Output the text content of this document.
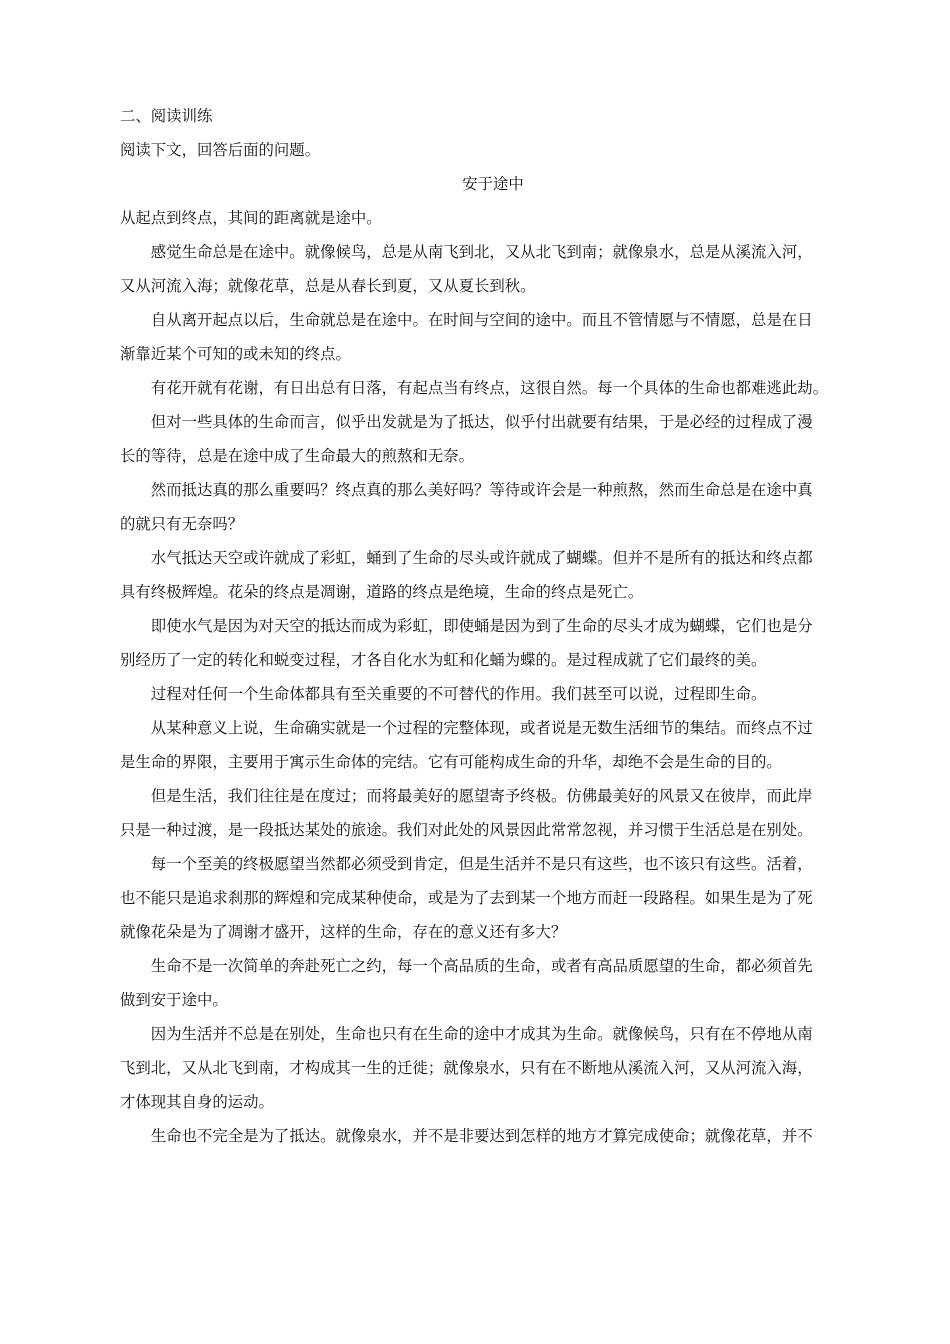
二、阅读训练

阅读下文，回答后面的问题。

安于途中

从起点到终点，其间的距离就是途中。

感觉生命总是在途中。就像候鸟，总是从南飞到北，又从北飞到南；就像泉水，总是从溪流入河，
又从河流入海；就像花草，总是从春长到夏，又从夏长到秋。

自从离开起点以后，生命就总是在途中。在时间与空间的途中。而且不管情愿与不情愿，总是在日
渐靠近某个可知的或未知的终点。

有花开就有花谢，有日出总有日落，有起点当有终点，这很自然。每一个具体的生命也都难逃此劫。

但对一些具体的生命而言，似乎出发就是为了抵达，似乎付出就要有结果，于是必经的过程成了漫
长的等待，总是在途中成了生命最大的煎熬和无奈。

然而抵达真的那么重要吗？终点真的那么美好吗？等待或许会是一种煎熬，然而生命总是在途中真
的就只有无奈吗？

水气抵达天空或许就成了彩虹，蛹到了生命的尽头或许就成了蝴蝶。但并不是所有的抵达和终点都
具有终极辉煌。花朵的终点是凋谢，道路的终点是绝境，生命的终点是死亡。

即使水气是因为对天空的抵达而成为彩虹，即使蛹是因为到了生命的尽头才成为蝴蝶，它们也是分
别经历了一定的转化和蜕变过程，才各自化水为虹和化蛹为蝶的。是过程成就了它们最终的美。

过程对任何一个生命体都具有至关重要的不可替代的作用。我们甚至可以说，过程即生命。

从某种意义上说，生命确实就是一个过程的完整体现，或者说是无数生活细节的集结。而终点不过
是生命的界限，主要用于寓示生命体的完结。它有可能构成生命的升华，却绝不会是生命的目的。

但是生活，我们往往是在度过；而将最美好的愿望寄予终极。仿佛最美好的风景又在彼岸，而此岸
只是一种过渡，是一段抵达某处的旅途。我们对此处的风景因此常常忽视，并习惯于生活总是在别处。

每一个至美的终极愿望当然都必须受到肯定，但是生活并不是只有这些，也不该只有这些。活着，
也不能只是追求刹那的辉煌和完成某种使命，或是为了去到某一个地方而赶一段路程。如果生是为了死
就像花朵是为了凋谢才盛开，这样的生命，存在的意义还有多大？

生命不是一次简单的奔赴死亡之约，每一个高品质的生命，或者有高品质愿望的生命，都必须首先
做到安于途中。

因为生活并不总是在别处，生命也只有在生命的途中才成其为生命。就像候鸟，只有在不停地从南
飞到北，又从北飞到南，才构成其一生的迁徙；就像泉水，只有在不断地从溪流入河，又从河流入海，
才体现其自身的运动。

生命也不完全是为了抵达。就像泉水，并不是非要达到怎样的地方才算完成使命；就像花草，并不
